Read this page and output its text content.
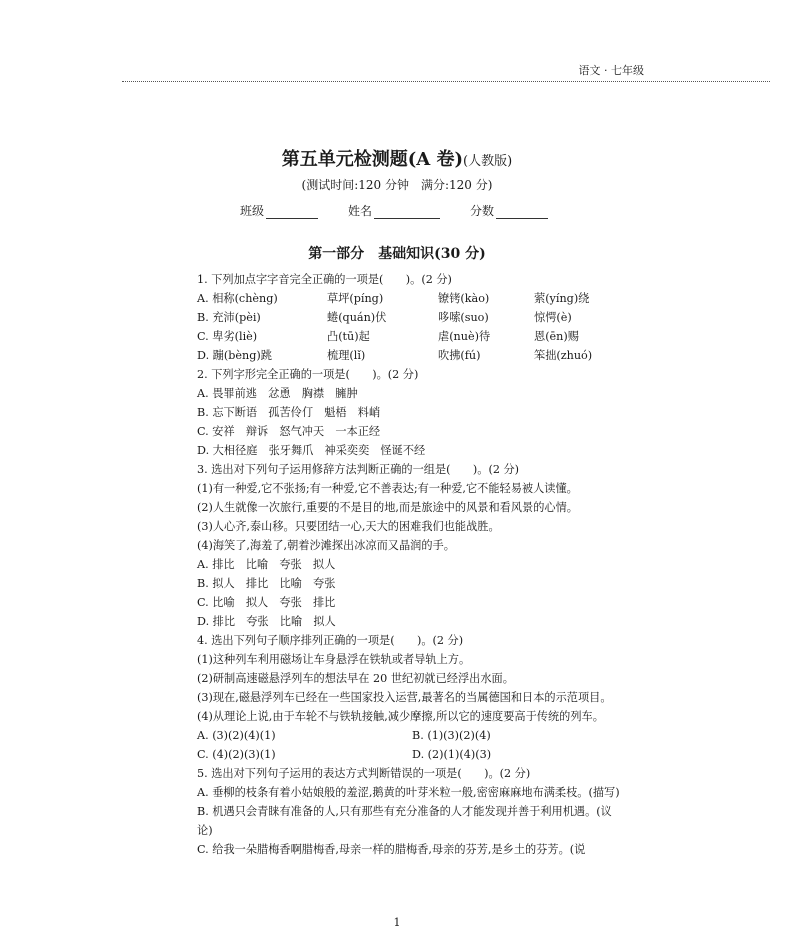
语文 · 七年级
第五单元检测题(A 卷)(人教版)
(测试时间:120 分钟　满分:120 分)
班级	姓名	分数
第一部分　基础知识(30 分)
1. 下列加点字字音完全正确的一项是(　　)。(2 分)
A. 相称(chèng)	草坪(píng)	镣铐(kào)	萦(yíng)绕
B. 充沛(pèi)	蜷(quán)伏	哆嗦(suo)	惊愕(è)
C. 卑劣(liè)	凸(tū)起	虐(nuè)待	恩(ēn)赐
D. 蹦(bèng)跳	梳理(lǐ)	吹拂(fú)	笨拙(zhuó)
2. 下列字形完全正确的一项是(　　)。(2 分)
A. 畏罪前逃　忿恿　胸襟　臃肿
B. 忘下断语　孤苦伶仃　魁梧　料峭
C. 安祥　辩诉　怒气冲天　一本正经
D. 大相径庭　张牙舞爪　神采奕奕　怪诞不经
3. 选出对下列句子运用修辞方法判断正确的一组是(　　)。(2 分)
(1)有一种爱,它不张扬;有一种爱,它不善表达;有一种爱,它不能轻易被人读懂。
(2)人生就像一次旅行,重要的不是目的地,而是旅途中的风景和看风景的心情。
(3)人心齐,泰山移。只要团结一心,天大的困难我们也能战胜。
(4)海笑了,海羞了,朝着沙滩探出冰凉而又晶润的手。
A. 排比　比喻　夸张　拟人
B. 拟人　排比　比喻　夸张
C. 比喻　拟人　夸张　排比
D. 排比　夸张　比喻　拟人
4. 选出下列句子顺序排列正确的一项是(　　)。(2 分)
(1)这种列车利用磁场让车身悬浮在铁轨或者导轨上方。
(2)研制高速磁悬浮列车的想法早在 20 世纪初就已经浮出水面。
(3)现在,磁悬浮列车已经在一些国家投入运营,最著名的当属德国和日本的示范项目。
(4)从理论上说,由于车轮不与铁轨接触,减少摩擦,所以它的速度要高于传统的列车。
A. (3)(2)(4)(1)	B. (1)(3)(2)(4)
C. (4)(2)(3)(1)	D. (2)(1)(4)(3)
5. 选出对下列句子运用的表达方式判断错误的一项是(　　)。(2 分)
A. 垂柳的枝条有着小姑娘般的羞涩,鹅黄的叶芽米粒一般,密密麻麻地布满柔枝。(描写)
B. 机遇只会青睐有准备的人,只有那些有充分准备的人才能发现并善于利用机遇。(议论)
C. 给我一朵腊梅香啊腊梅香,母亲一样的腊梅香,母亲的芬芳,是乡土的芬芳。(说
1
